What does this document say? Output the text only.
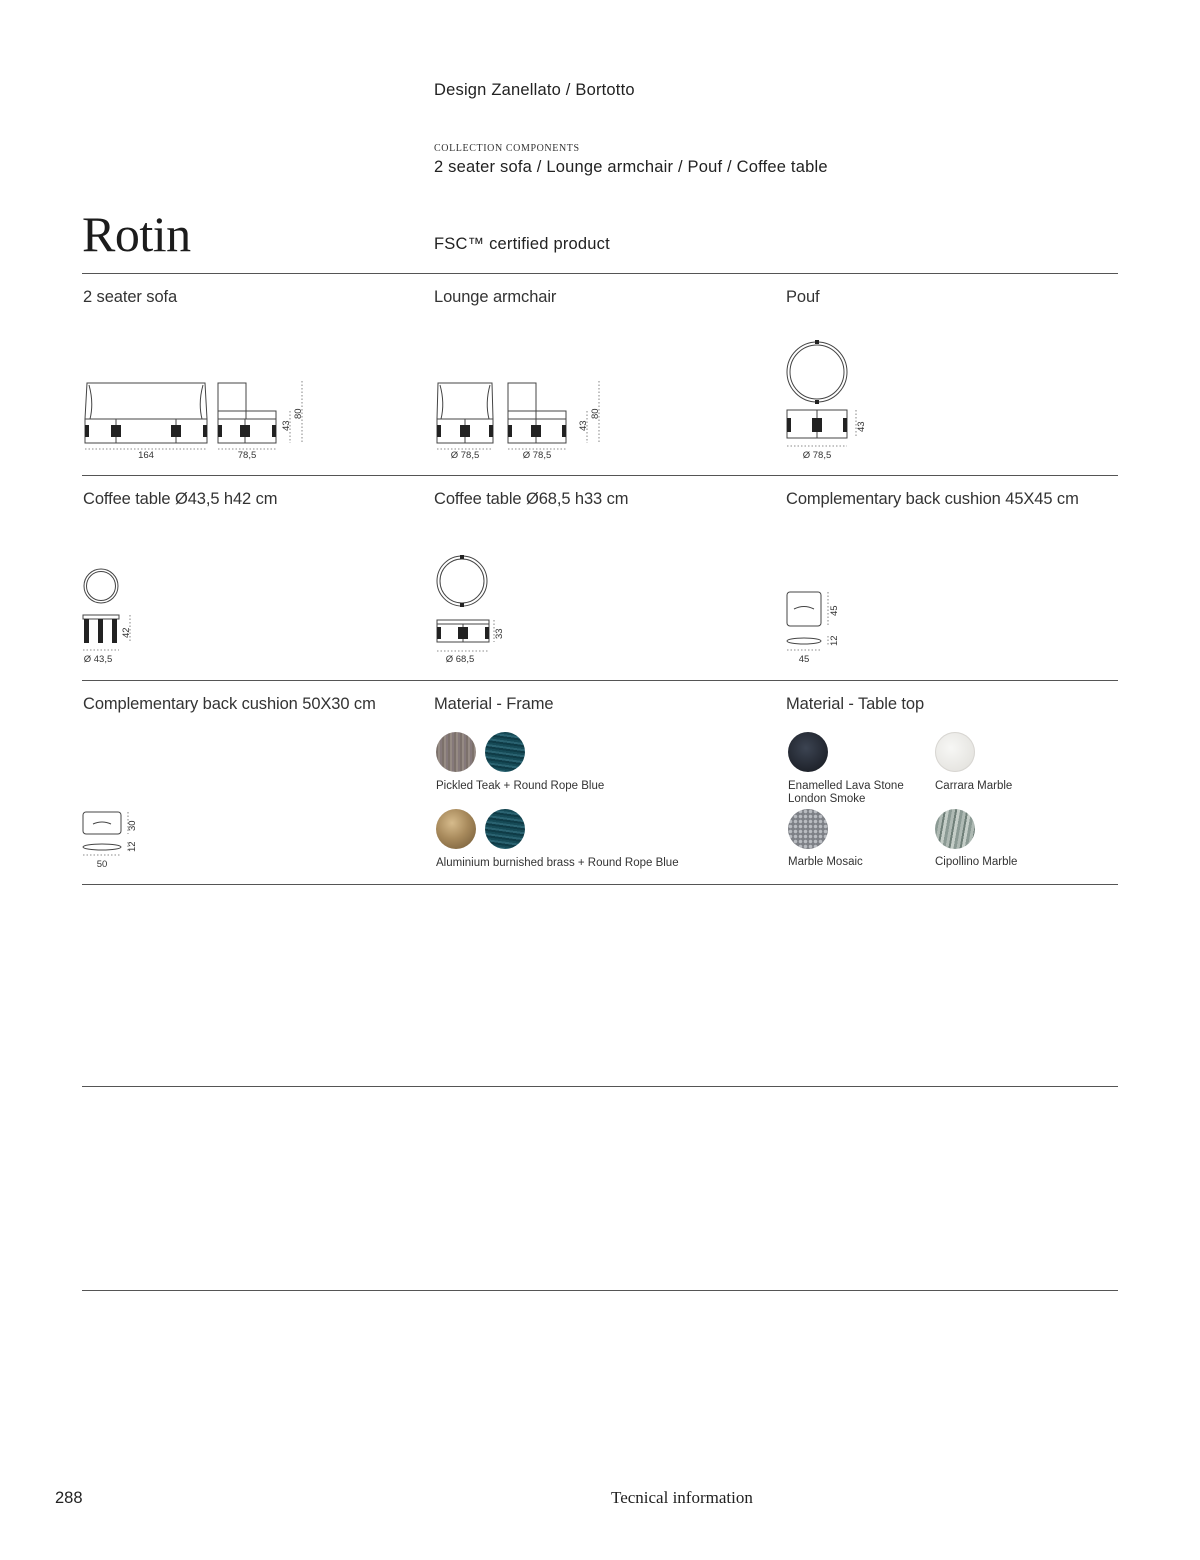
Design Zanellato / Bortotto
COLLECTION COMPONENTS
2 seater sofa / Lounge armchair / Pouf / Coffee table
Rotin	FSC™ certified product
2 seater sofa	Lounge armchair	Pouf
164	78,5
43
80
Ø 78,5	Ø 78,5
43
80
Ø 78,5
43
Coffee table Ø43,5 h42 cm	Coffee table Ø68,5 h33 cm	Complementary back cushion 45X45 cm
Ø 43,5
42
Ø 68,5
33
45
45
12
Complementary back cushion 50X30 cm	Material - Frame	Material - Table top
50
30
12
Pickled Teak + Round Rope Blue
Aluminium burnished brass + Round Rope Blue
Enamelled Lava Stone
London Smoke
Carrara Marble
Marble Mosaic	Cipollino Marble
288	Tecnical information
